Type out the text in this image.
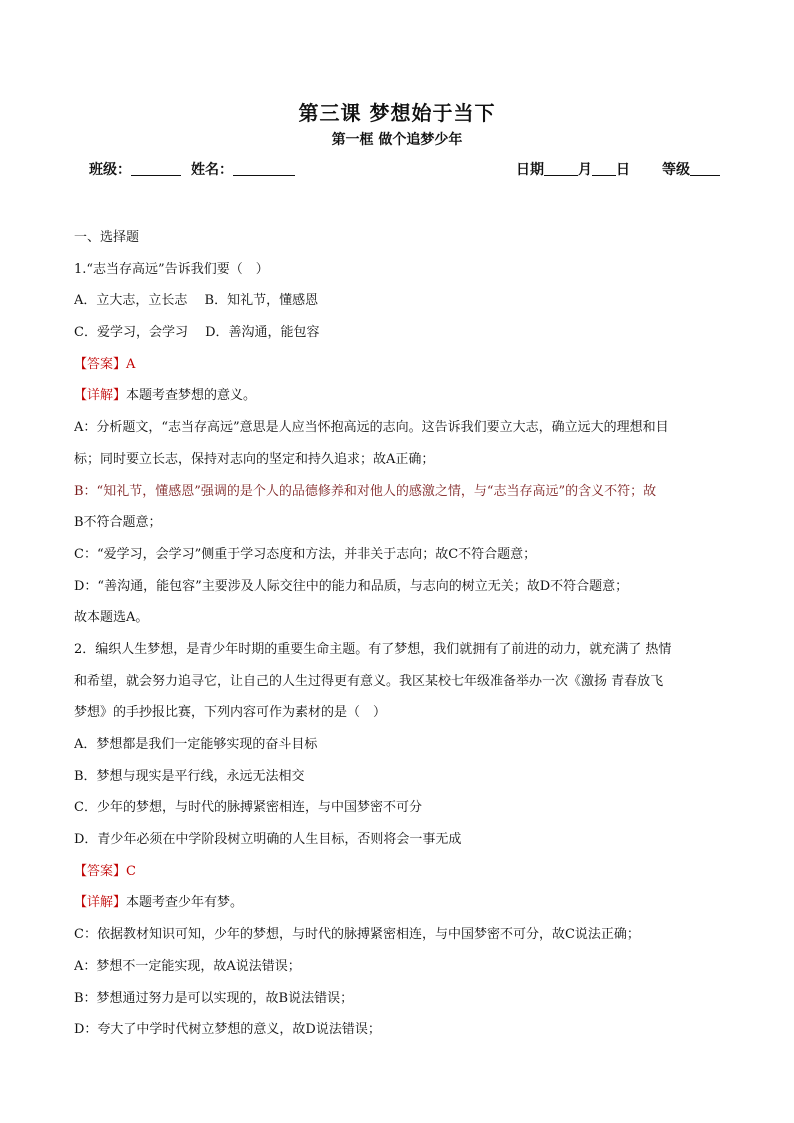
第三课 梦想始于当下
第一框 做个追梦少年
班级：	姓名：	日期 月 日 等级
一、选择题
1.“志当存高远”告诉我们要（　）
A．立大志，立长志　 B．知礼节，懂感恩
C．爱学习，会学习　 D．善沟通，能包容
【答案】A
【详解】本题考查梦想的意义。
A：分析题文，“志当存高远”意思是人应当怀抱高远的志向。这告诉我们要立大志，确立远大的理想和目
标；同时要立长志，保持对志向的坚定和持久追求；故A正确；
B：“知礼节，懂感恩”强调的是个人的品德修养和对他人的感激之情，与“志当存高远”的含义不符；故
B不符合题意；
C：“爱学习，会学习”侧重于学习态度和方法，并非关于志向；故C不符合题意；
D：“善沟通，能包容”主要涉及人际交往中的能力和品质，与志向的树立无关；故D不符合题意；
故本题选A。
2．编织人生梦想，是青少年时期的重要生命主题。有了梦想，我们就拥有了前进的动力，就充满了 热情
和希望，就会努力追寻它，让自己的人生过得更有意义。我区某校七年级准备举办一次《激扬 青春放飞
梦想》的手抄报比赛，下列内容可作为素材的是（　）
A．梦想都是我们一定能够实现的奋斗目标
B．梦想与现实是平行线，永远无法相交
C．少年的梦想，与时代的脉搏紧密相连，与中国梦密不可分
D．青少年必须在中学阶段树立明确的人生目标，否则将会一事无成
【答案】C
【详解】本题考查少年有梦。
C：依据教材知识可知，少年的梦想，与时代的脉搏紧密相连，与中国梦密不可分，故C说法正确；
A：梦想不一定能实现，故A说法错误；
B：梦想通过努力是可以实现的，故B说法错误；
D：夸大了中学时代树立梦想的意义，故D说法错误；
